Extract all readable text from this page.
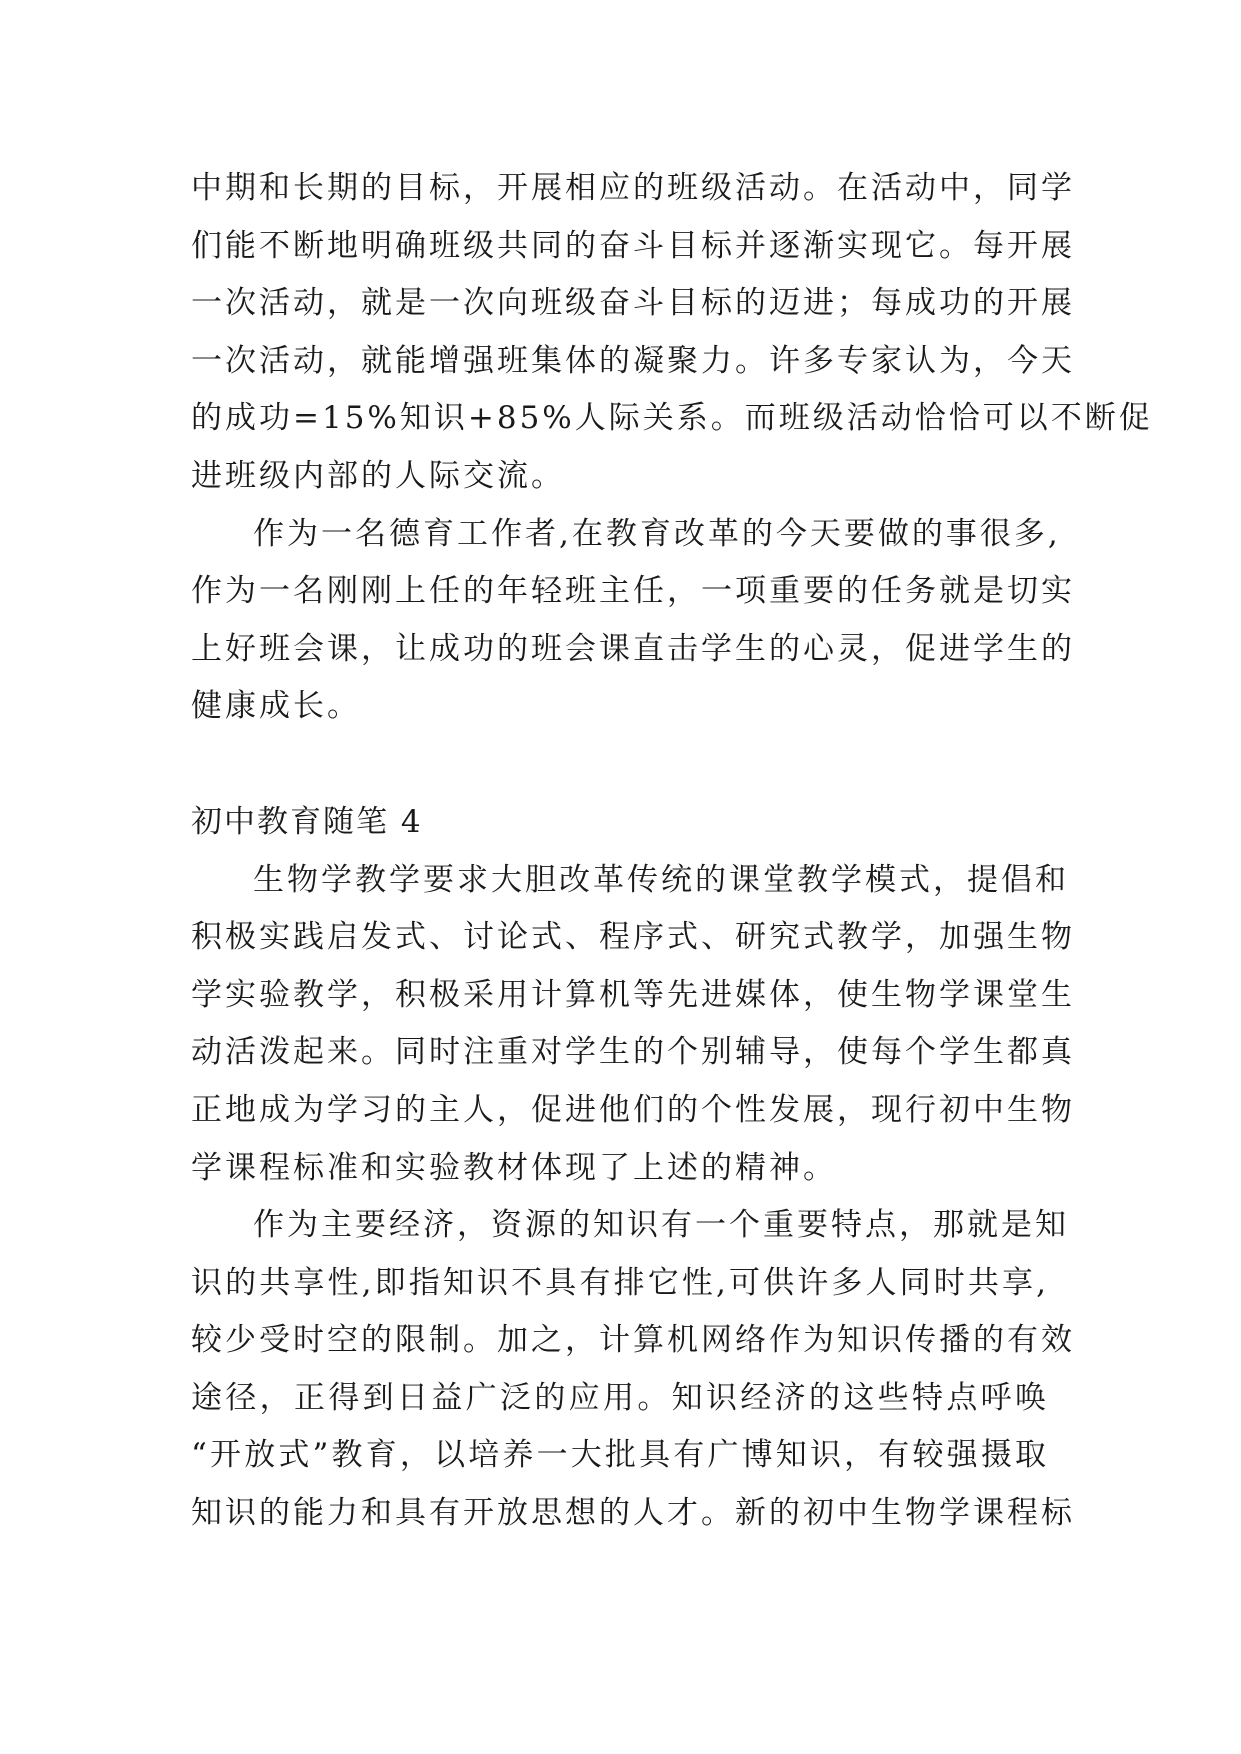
中期和长期的目标，开展相应的班级活动。在活动中，同学
们能不断地明确班级共同的奋斗目标并逐渐实现它。每开展
一次活动，就是一次向班级奋斗目标的迈进；每成功的开展
一次活动，就能增强班集体的凝聚力。许多专家认为，今天
的成功=15%知识+85%人际关系。而班级活动恰恰可以不断促
进班级内部的人际交流。

作为一名德育工作者,在教育改革的今天要做的事很多,
作为一名刚刚上任的年轻班主任，一项重要的任务就是切实
上好班会课，让成功的班会课直击学生的心灵，促进学生的
健康成长。

初中教育随笔 4

生物学教学要求大胆改革传统的课堂教学模式，提倡和
积极实践启发式、讨论式、程序式、研究式教学，加强生物
学实验教学，积极采用计算机等先进媒体，使生物学课堂生
动活泼起来。同时注重对学生的个别辅导，使每个学生都真
正地成为学习的主人，促进他们的个性发展，现行初中生物
学课程标准和实验教材体现了上述的精神。

作为主要经济，资源的知识有一个重要特点，那就是知
识的共享性,即指知识不具有排它性,可供许多人同时共享,
较少受时空的限制。加之，计算机网络作为知识传播的有效
途径，正得到日益广泛的应用。知识经济的这些特点呼唤
“开放式”教育，以培养一大批具有广博知识，有较强摄取
知识的能力和具有开放思想的人才。新的初中生物学课程标
